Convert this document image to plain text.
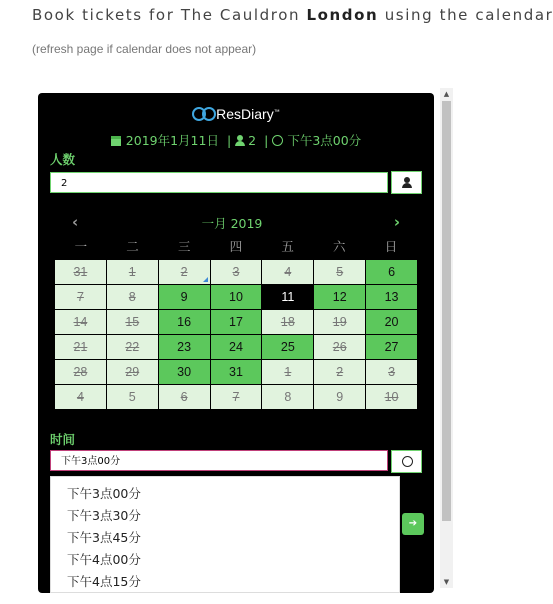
Book tickets for The Cauldron London using the calendar
(refresh page if calendar does not appear)
ResDiary™
2019年1月11日 | 2 | 下午3点00分
人数
2
‹	一月 2019	›
一	二	三	四	五	六	日
31	1	2	3	4	5	6
7	8	9	10	11	12	13
14	15	16	17	18	19	20
21	22	23	24	25	26	27
28	29	30	31	1	2	3
4	5	6	7	8	9	10
时间
下午3点00分
➔
下午3点00分
下午3点30分
下午3点45分
下午4点00分
下午4点15分
▲
▼
